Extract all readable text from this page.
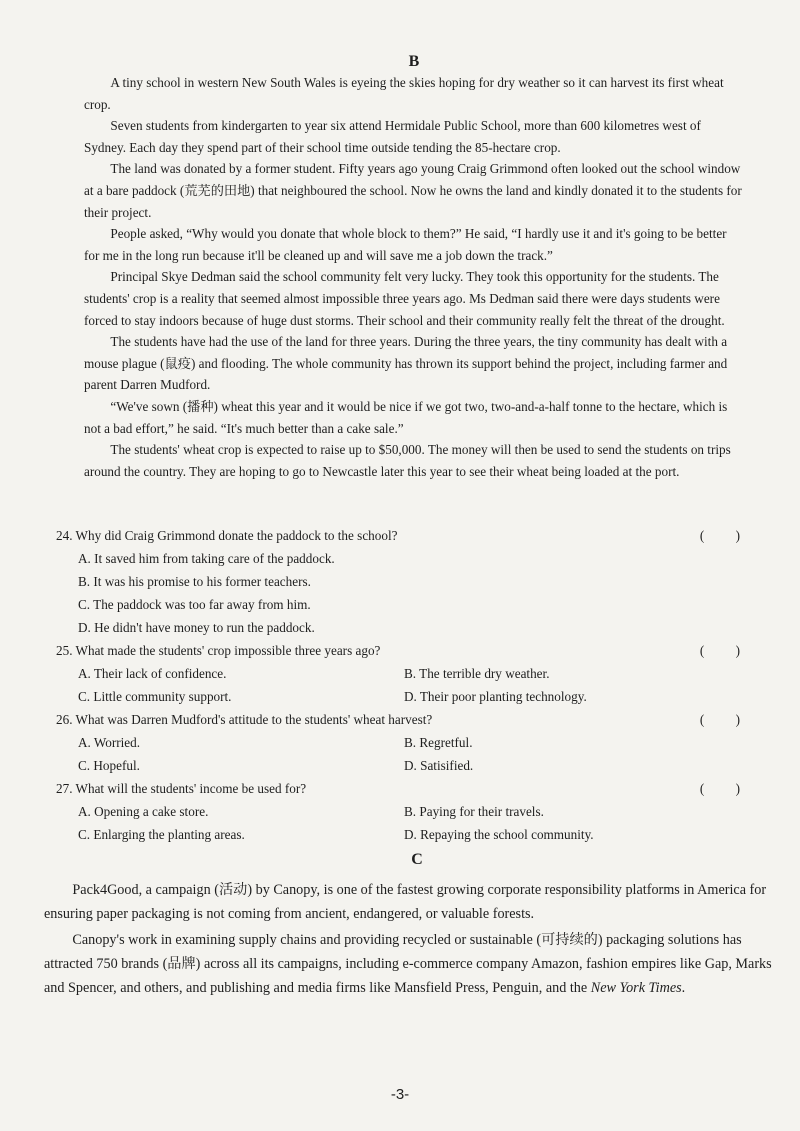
B

A tiny school in western New South Wales is eyeing the skies hoping for dry weather so it can harvest its first wheat crop.

Seven students from kindergarten to year six attend Hermidale Public School, more than 600 kilometres west of Sydney. Each day they spend part of their school time outside tending the 85-hectare crop.

The land was donated by a former student. Fifty years ago young Craig Grimmond often looked out the school window at a bare paddock (荒芜的田地) that neighboured the school. Now he owns the land and kindly donated it to the students for their project.

People asked, “Why would you donate that whole block to them?” He said, “I hardly use it and it's going to be better for me in the long run because it'll be cleaned up and will save me a job down the track.”

Principal Skye Dedman said the school community felt very lucky. They took this opportunity for the students. The students' crop is a reality that seemed almost impossible three years ago. Ms Dedman said there were days students were forced to stay indoors because of huge dust storms. Their school and their community really felt the threat of the drought.

The students have had the use of the land for three years. During the three years, the tiny community has dealt with a mouse plague (鼠疫) and flooding. The whole community has thrown its support behind the project, including farmer and parent Darren Mudford.

“We've sown (播种) wheat this year and it would be nice if we got two, two-and-a-half tonne to the hectare, which is not a bad effort,” he said. “It's much better than a cake sale.”

The students' wheat crop is expected to raise up to $50,000. The money will then be used to send the students on trips around the country. They are hoping to go to Newcastle later this year to see their wheat being loaded at the port.

24. Why did Craig Grimmond donate the paddock to the school?	( )
A. It saved him from taking care of the paddock.
B. It was his promise to his former teachers.
C. The paddock was too far away from him.
D. He didn't have money to run the paddock.
25. What made the students' crop impossible three years ago?	( )
A. Their lack of confidence.	B. The terrible dry weather.
C. Little community support.	D. Their poor planting technology.
26. What was Darren Mudford's attitude to the students' wheat harvest?	( )
A. Worried.	B. Regretful.
C. Hopeful.	D. Satisified.
27. What will the students' income be used for?	( )
A. Opening a cake store.	B. Paying for their travels.
C. Enlarging the planting areas.	D. Repaying the school community.
C

Pack4Good, a campaign (活动) by Canopy, is one of the fastest growing corporate responsibility platforms in America for ensuring paper packaging is not coming from ancient, endangered, or valuable forests.

Canopy's work in examining supply chains and providing recycled or sustainable (可持续的) packaging solutions has attracted 750 brands (品牌) across all its campaigns, including e-commerce company Amazon, fashion empires like Gap, Marks and Spencer, and others, and publishing and media firms like Mansfield Press, Penguin, and the New York Times.

-3-
